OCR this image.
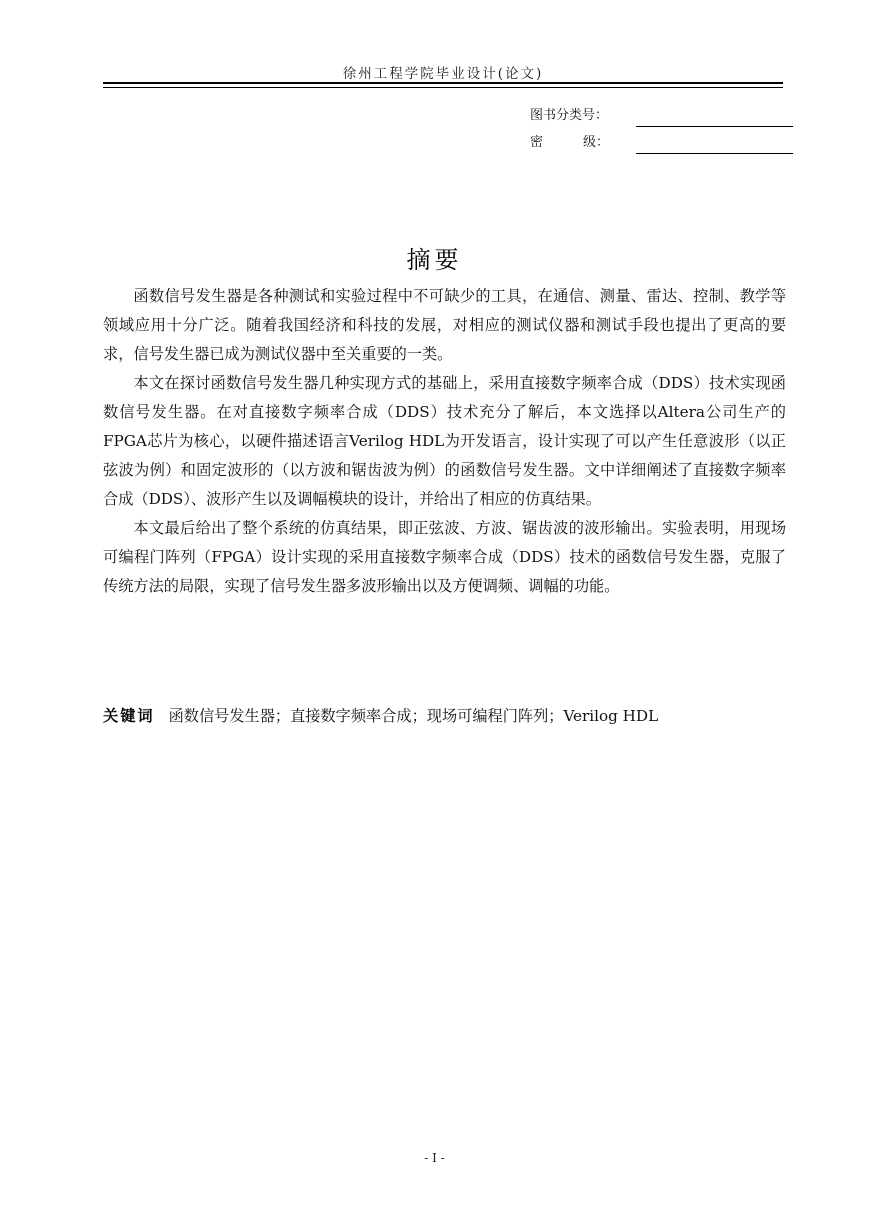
徐州工程学院毕业设计(论文)
图书分类号：
密	级：
摘要

函数信号发生器是各种测试和实验过程中不可缺少的工具，在通信、测量、雷达、控制、教学等领域应用十分广泛。随着我国经济和科技的发展，对相应的测试仪器和测试手段也提出了更高的要求，信号发生器已成为测试仪器中至关重要的一类。

本文在探讨函数信号发生器几种实现方式的基础上，采用直接数字频率合成（DDS）技术实现函数信号发生器。在对直接数字频率合成（DDS）技术充分了解后，本文选择以Altera公司生产的FPGA芯片为核心，以硬件描述语言Verilog HDL为开发语言，设计实现了可以产生任意波形（以正弦波为例）和固定波形的（以方波和锯齿波为例）的函数信号发生器。文中详细阐述了直接数字频率合成（DDS）、波形产生以及调幅模块的设计，并给出了相应的仿真结果。

本文最后给出了整个系统的仿真结果，即正弦波、方波、锯齿波的波形输出。实验表明，用现场可编程门阵列（FPGA）设计实现的采用直接数字频率合成（DDS）技术的函数信号发生器，克服了传统方法的局限，实现了信号发生器多波形输出以及方便调频、调幅的功能。

关键词 函数信号发生器；直接数字频率合成；现场可编程门阵列；Verilog HDL
- I -
